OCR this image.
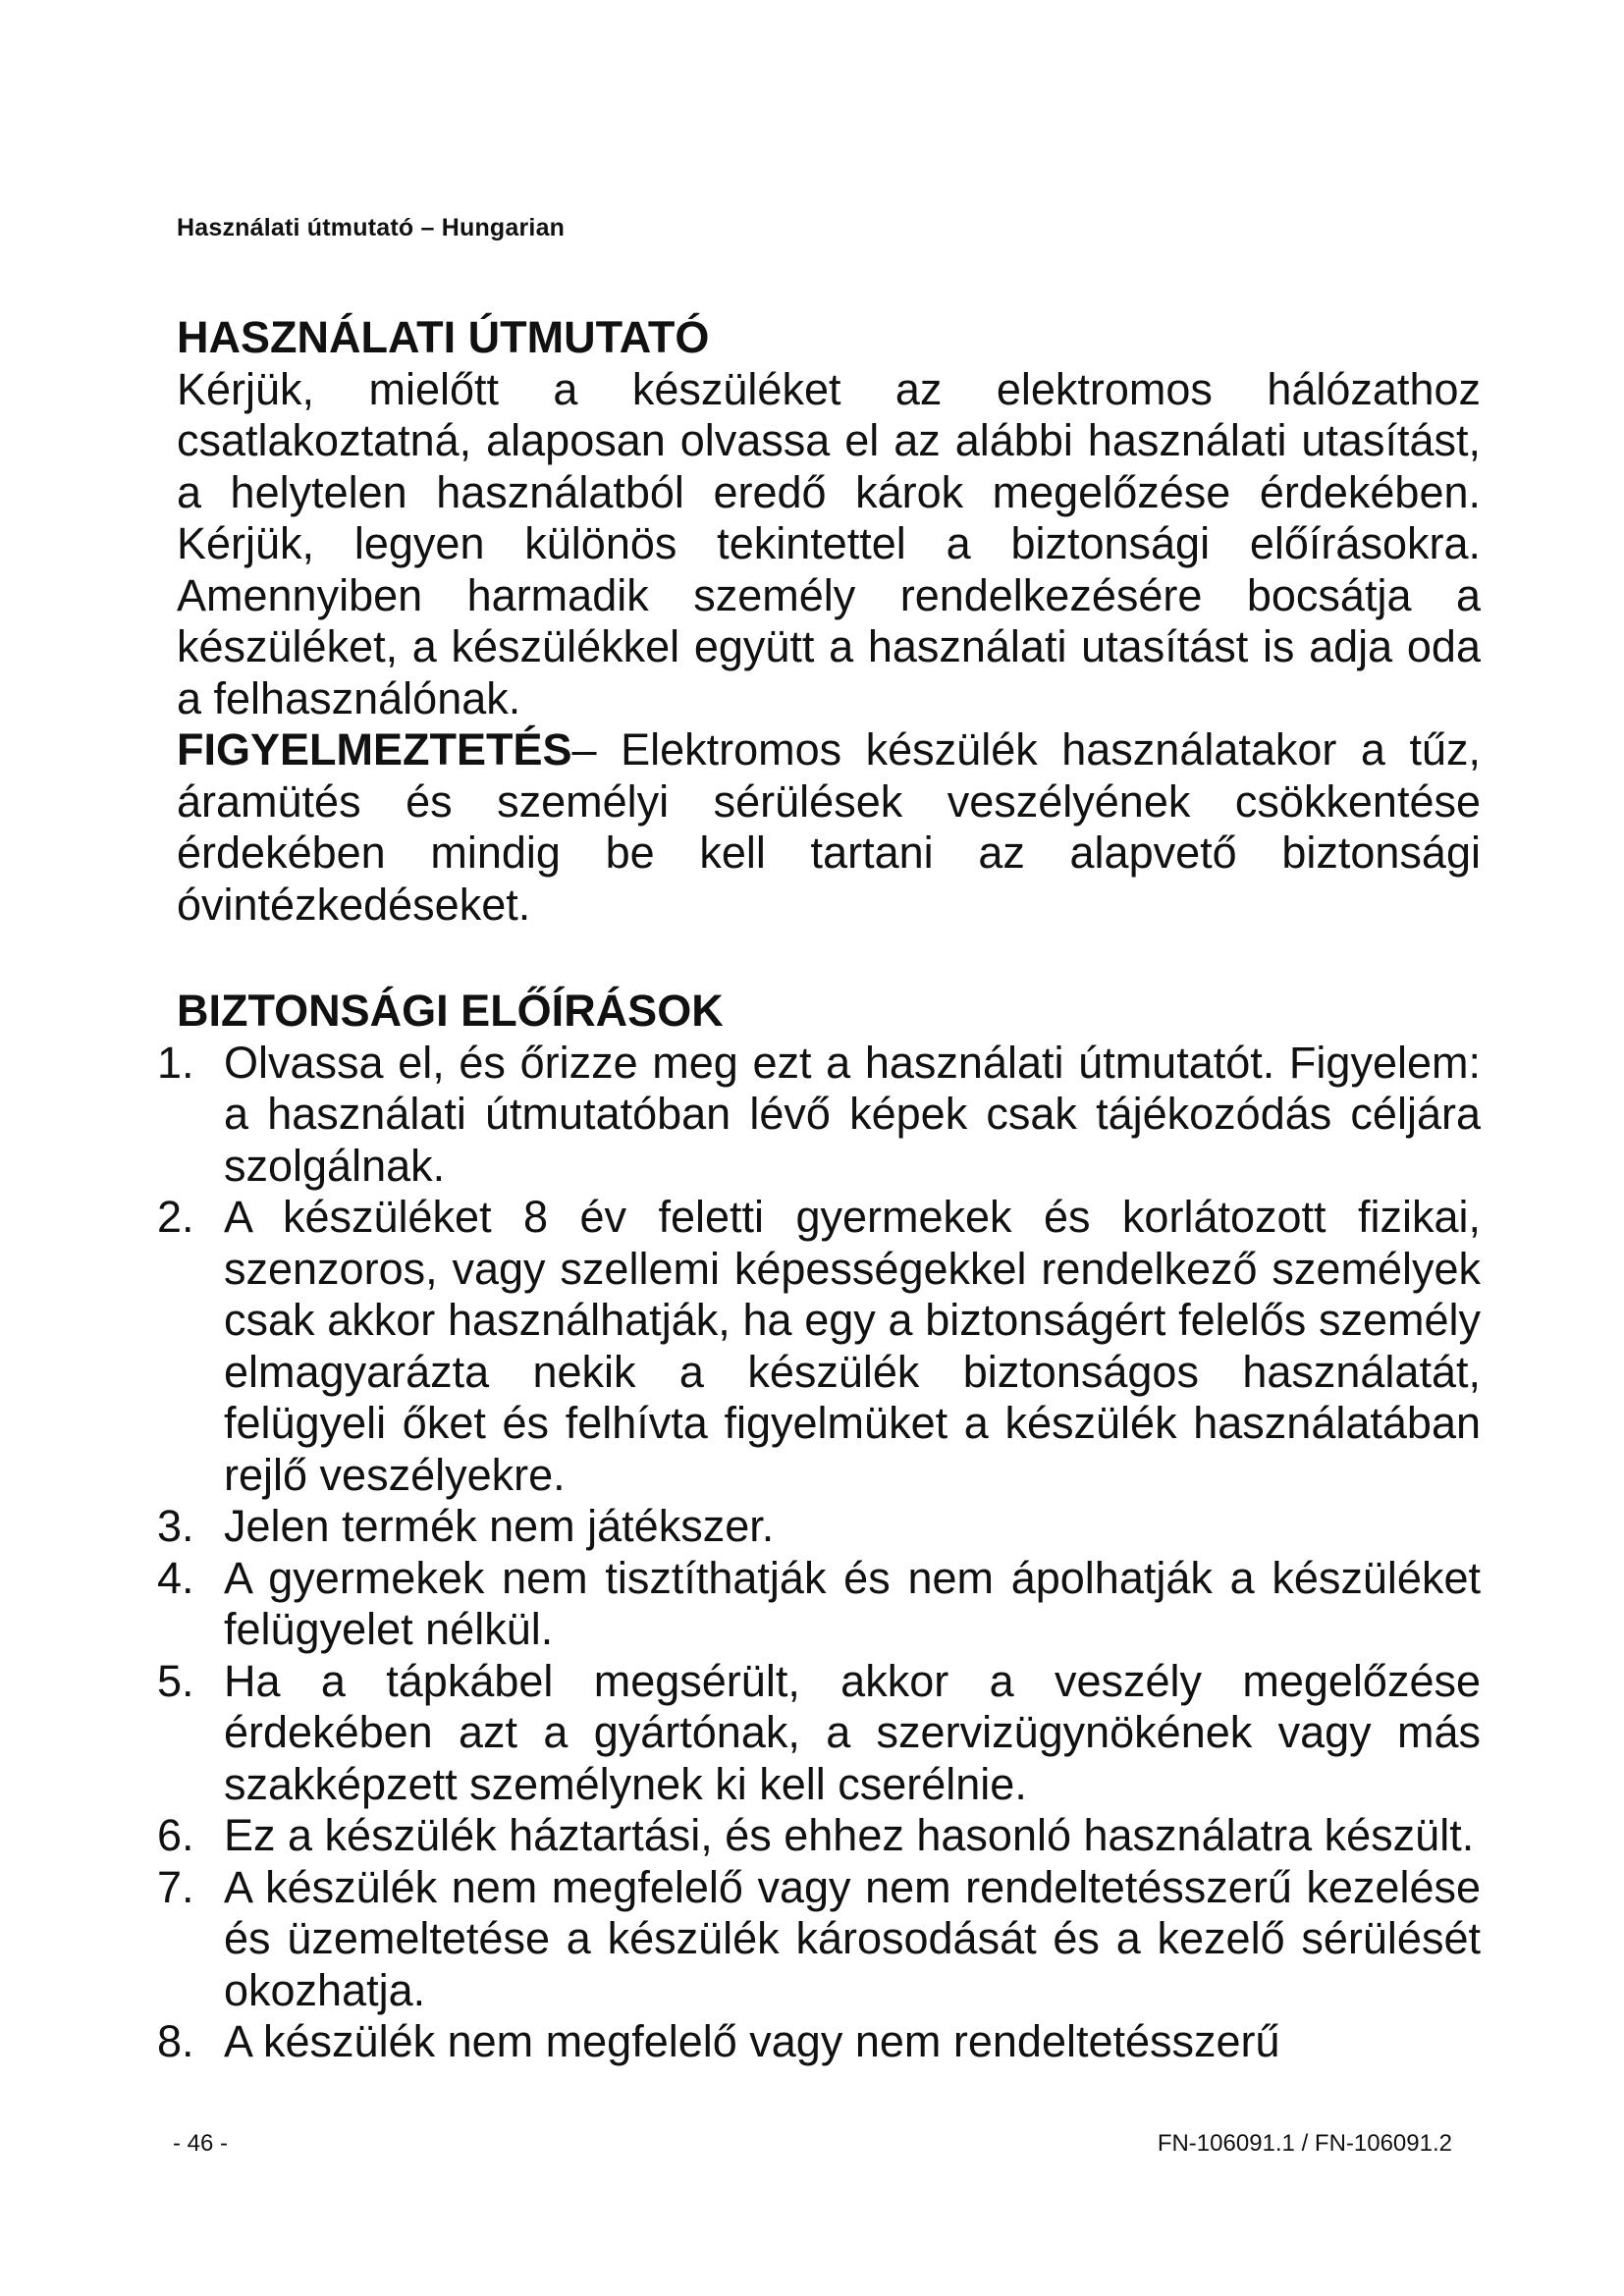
Használati útmutató – Hungarian
HASZNÁLATI ÚTMUTATÓ

Kérjük, mielőtt a készüléket az elektromos hálózathoz csatlakoztatná, alaposan olvassa el az alábbi használati utasítást, a helytelen használatból eredő károk megelőzése érdekében. Kérjük, legyen különös tekintettel a biztonsági előírásokra. Amennyiben harmadik személy rendelkezésére bocsátja a készüléket, a készülékkel együtt a használati utasítást is adja oda a felhasználónak.

FIGYELMEZTETÉS– Elektromos készülék használatakor a tűz, áramütés és személyi sérülések veszélyének csökkentése érdekében mindig be kell tartani az alapvető biztonsági óvintézkedéseket.

BIZTONSÁGI ELŐÍRÁSOK
1. Olvassa el, és őrizze meg ezt a használati útmutatót. Figyelem: a használati útmutatóban lévő képek csak tájékozódás céljára szolgálnak.
2. A készüléket 8 év feletti gyermekek és korlátozott fizikai, szenzoros, vagy szellemi képességekkel rendelkező személyek csak akkor használhatják, ha egy a biztonságért felelős személy elmagyarázta nekik a készülék biztonságos használatát, felügyeli őket és felhívta figyelmüket a készülék használatában rejlő veszélyekre.
3. Jelen termék nem játékszer.
4. A gyermekek nem tisztíthatják és nem ápolhatják a készüléket felügyelet nélkül.
5. Ha a tápkábel megsérült, akkor a veszély megelőzése érdekében azt a gyártónak, a szervizügynökének vagy más szakképzett személynek ki kell cserélnie.
6. Ez a készülék háztartási, és ehhez hasonló használatra készült.
7. A készülék nem megfelelő vagy nem rendeltetésszerű kezelése és üzemeltetése a készülék károsodását és a kezelő sérülését okozhatja.
8. A készülék nem megfelelő vagy nem rendeltetésszerű
- 46 -	FN-106091.1 / FN-106091.2
